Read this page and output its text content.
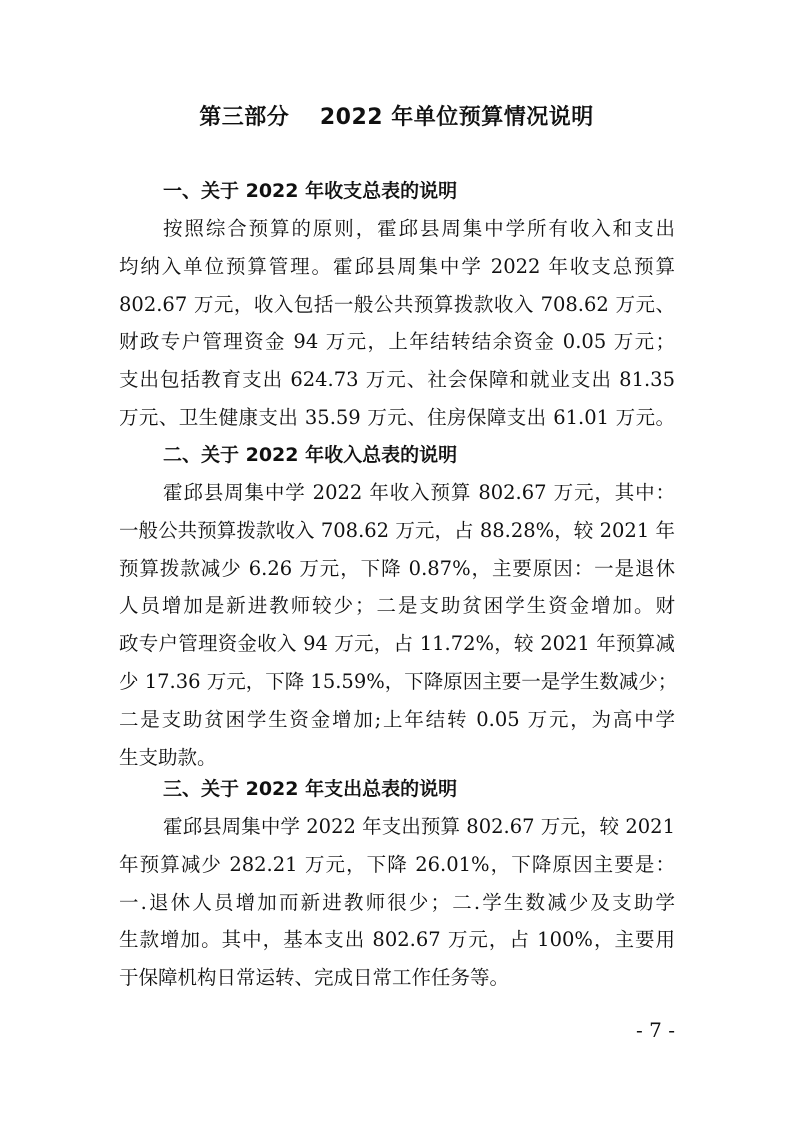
第三部分　 2022 年单位预算情况说明
一、关于 2022 年收支总表的说明
按照综合预算的原则，霍邱县周集中学所有收入和支出
均纳入单位预算管理。霍邱县周集中学 2022 年收支总预算
802.67 万元，收入包括一般公共预算拨款收入 708.62 万元、
财政专户管理资金 94 万元，上年结转结余资金 0.05 万元；
支出包括教育支出 624.73 万元、社会保障和就业支出 81.35
万元、卫生健康支出 35.59 万元、住房保障支出 61.01 万元。
二、关于 2022 年收入总表的说明
霍邱县周集中学 2022 年收入预算 802.67 万元，其中：
一般公共预算拨款收入 708.62 万元，占 88.28%，较 2021 年
预算拨款减少 6.26 万元，下降 0.87%，主要原因：一是退休
人员增加是新进教师较少；二是支助贫困学生资金增加。财
政专户管理资金收入 94 万元，占 11.72%，较 2021 年预算减
少 17.36 万元，下降 15.59%，下降原因主要一是学生数减少；
二是支助贫困学生资金增加;上年结转 0.05 万元，为高中学
生支助款。
三、关于 2022 年支出总表的说明
霍邱县周集中学 2022 年支出预算 802.67 万元，较 2021
年预算减少 282.21 万元，下降 26.01%，下降原因主要是：
一.退休人员增加而新进教师很少；二.学生数减少及支助学
生款增加。其中，基本支出 802.67 万元，占 100%，主要用
于保障机构日常运转、完成日常工作任务等。
- 7 -
